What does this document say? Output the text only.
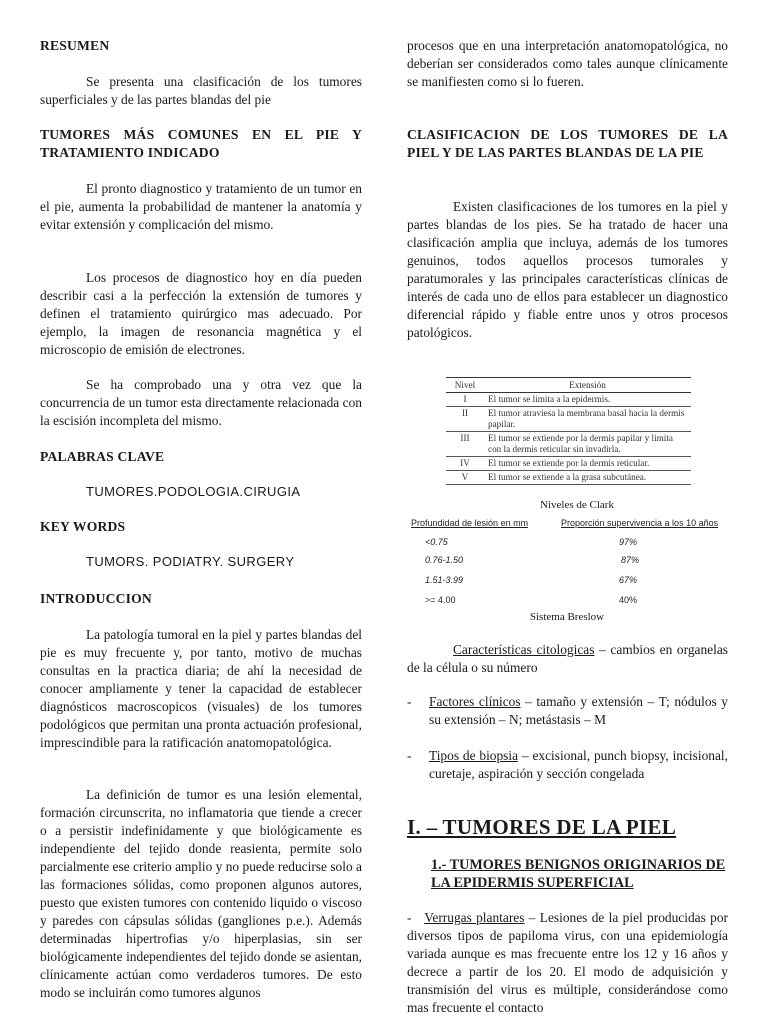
RESUMEN

Se presenta una clasificación de los tumores superficiales y de las partes blandas del pie

TUMORES MÁS COMUNES EN EL PIE Y TRATAMIENTO INDICADO

El pronto diagnostico y tratamiento de un tumor en el pie, aumenta la probabilidad de mantener la anatomía y evitar extensión y complicación del mismo.

Los procesos de diagnostico hoy en día pueden describir casi a la perfección la extensión de tumores y definen el tratamiento quirúrgico mas adecuado. Por ejemplo, la imagen de resonancia magnética y el microscopio de emisión de electrones.

Se ha comprobado una y otra vez que la concurrencia de un tumor esta directamente relacionada con la escisión incompleta del mismo.

PALABRAS CLAVE

TUMORES.PODOLOGIA.CIRUGIA

KEY WORDS

TUMORS. PODIATRY. SURGERY

INTRODUCCION

La patología tumoral en la piel y partes blandas del pie es muy frecuente y, por tanto, motivo de muchas consultas en la practica diaria; de ahí la necesidad de conocer ampliamente y tener la capacidad de establecer diagnósticos macroscopicos (visuales) de los tumores podológicos que permitan una pronta actuación profesional, imprescindible para la ratificación anatomopatológica.

La definición de tumor es una lesión elemental, formación circunscrita, no inflamatoria que tiende a crecer o a persistir indefinidamente y que biológicamente es independiente del tejido donde reasienta, permite solo parcialmente ese criterio amplio y no puede reducirse solo a las formaciones sólidas, como proponen algunos autores, puesto que existen tumores con contenido liquido o viscoso y paredes con cápsulas sólidas (gangliones p.e.). Además determinadas hipertrofias y/o hiperplasias, sin ser biológicamente independientes del tejido donde se asientan, clínicamente actúan como verdaderos tumores. De esto modo se incluirán como tumores algunos

procesos que en una interpretación anatomopatológica, no deberían ser considerados como tales aunque clínicamente se manifiesten como si lo fueren.

CLASIFICACION DE LOS TUMORES DE LA PIEL Y DE LAS PARTES BLANDAS DE LA PIE

Existen clasificaciones de los tumores en la piel y partes blandas de los pies. Se ha tratado de hacer una clasificación amplia que incluya, además de los tumores genuinos, todos aquellos procesos tumorales y paratumorales y las principales características clínicas de interés de cada uno de ellos para establecer un diagnostico diferencial rápido y fiable entre unos y otros procesos patológicos.

Nivel	Extensión
I	El tumor se limita a la epidermis.
II	El tumor atraviesa la membrana basal hacia la dermis papilar.
III	El tumor se extiende por la dermis papilar y limita con la dermis reticular sin invadirla.
IV	El tumor se extiende por la dermis reticular.
V	El tumor se extiende a la grasa subcutánea.
Niveles de Clark
Profundidad de lesión en mm	Proporción supervivencia a los 10 años
<0.75	97%
0.76-1.50	87%
1.51-3.99	67%
>= 4.00	40%
Sistema Breslow

Características citologicas – cambios en organelas de la célula o su número

- Factores clínicos – tamaño y extensión – T; nódulos y su extensión – N; metástasis – M
- Tipos de biopsia – excisional, punch biopsy, incisional, curetaje, aspiración y sección congelada
I. – TUMORES DE LA PIEL
1.- TUMORES BENIGNOS ORIGINARIOS DE LA EPIDERMIS SUPERFICIAL

- Verrugas plantares – Lesiones de la piel producidas por diversos tipos de papiloma virus, con una epidemiología variada aunque es mas frecuente entre los 12 y 16 años y decrece a partir de los 20. El modo de adquisición y transmisión del virus es múltiple, considerándose como mas frecuente el contacto
